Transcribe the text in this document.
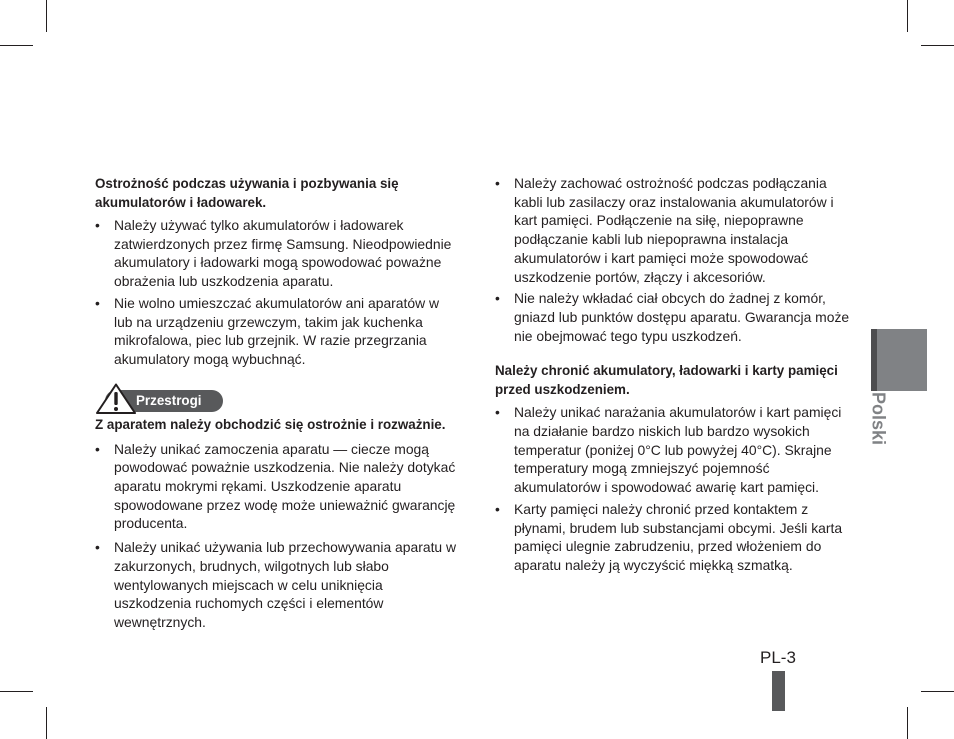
Ostrożność podczas używania i pozbywania się akumulatorów i ładowarek.

• Należy używać tylko akumulatorów i ładowarek zatwierdzonych przez firmę Samsung. Nieodpowiednie akumulatory i ładowarki mogą spowodować poważne obrażenia lub uszkodzenia aparatu.
• Nie wolno umieszczać akumulatorów ani aparatów w lub na urządzeniu grzewczym, takim jak kuchenka mikrofalowa, piec lub grzejnik. W razie przegrzania akumulatory mogą wybuchnąć.
Przestrogi

Z aparatem należy obchodzić się ostrożnie i rozważnie.

• Należy unikać zamoczenia aparatu — ciecze mogą powodować poważnie uszkodzenia. Nie należy dotykać aparatu mokrymi rękami. Uszkodzenie aparatu spowodowane przez wodę może unieważnić gwarancję producenta.
• Należy unikać używania lub przechowywania aparatu w zakurzonych, brudnych, wilgotnych lub słabo wentylowanych miejscach w celu uniknięcia uszkodzenia ruchomych części i elementów wewnętrznych.
• Należy zachować ostrożność podczas podłączania kabli lub zasilaczy oraz instalowania akumulatorów i kart pamięci. Podłączenie na siłę, niepoprawne podłączanie kabli lub niepoprawna instalacja akumulatorów i kart pamięci może spowodować uszkodzenie portów, złączy i akcesoriów.
• Nie należy wkładać ciał obcych do żadnej z komór, gniazd lub punktów dostępu aparatu. Gwarancja może nie obejmować tego typu uszkodzeń.

Należy chronić akumulatory, ładowarki i karty pamięci przed uszkodzeniem.

• Należy unikać narażania akumulatorów i kart pamięci na działanie bardzo niskich lub bardzo wysokich temperatur (poniżej 0°C lub powyżej 40°C). Skrajne temperatury mogą zmniejszyć pojemność akumulatorów i spowodować awarię kart pamięci.
• Karty pamięci należy chronić przed kontaktem z płynami, brudem lub substancjami obcymi. Jeśli karta pamięci ulegnie zabrudzeniu, przed włożeniem do aparatu należy ją wyczyścić miękką szmatką.
Polski
PL-3
